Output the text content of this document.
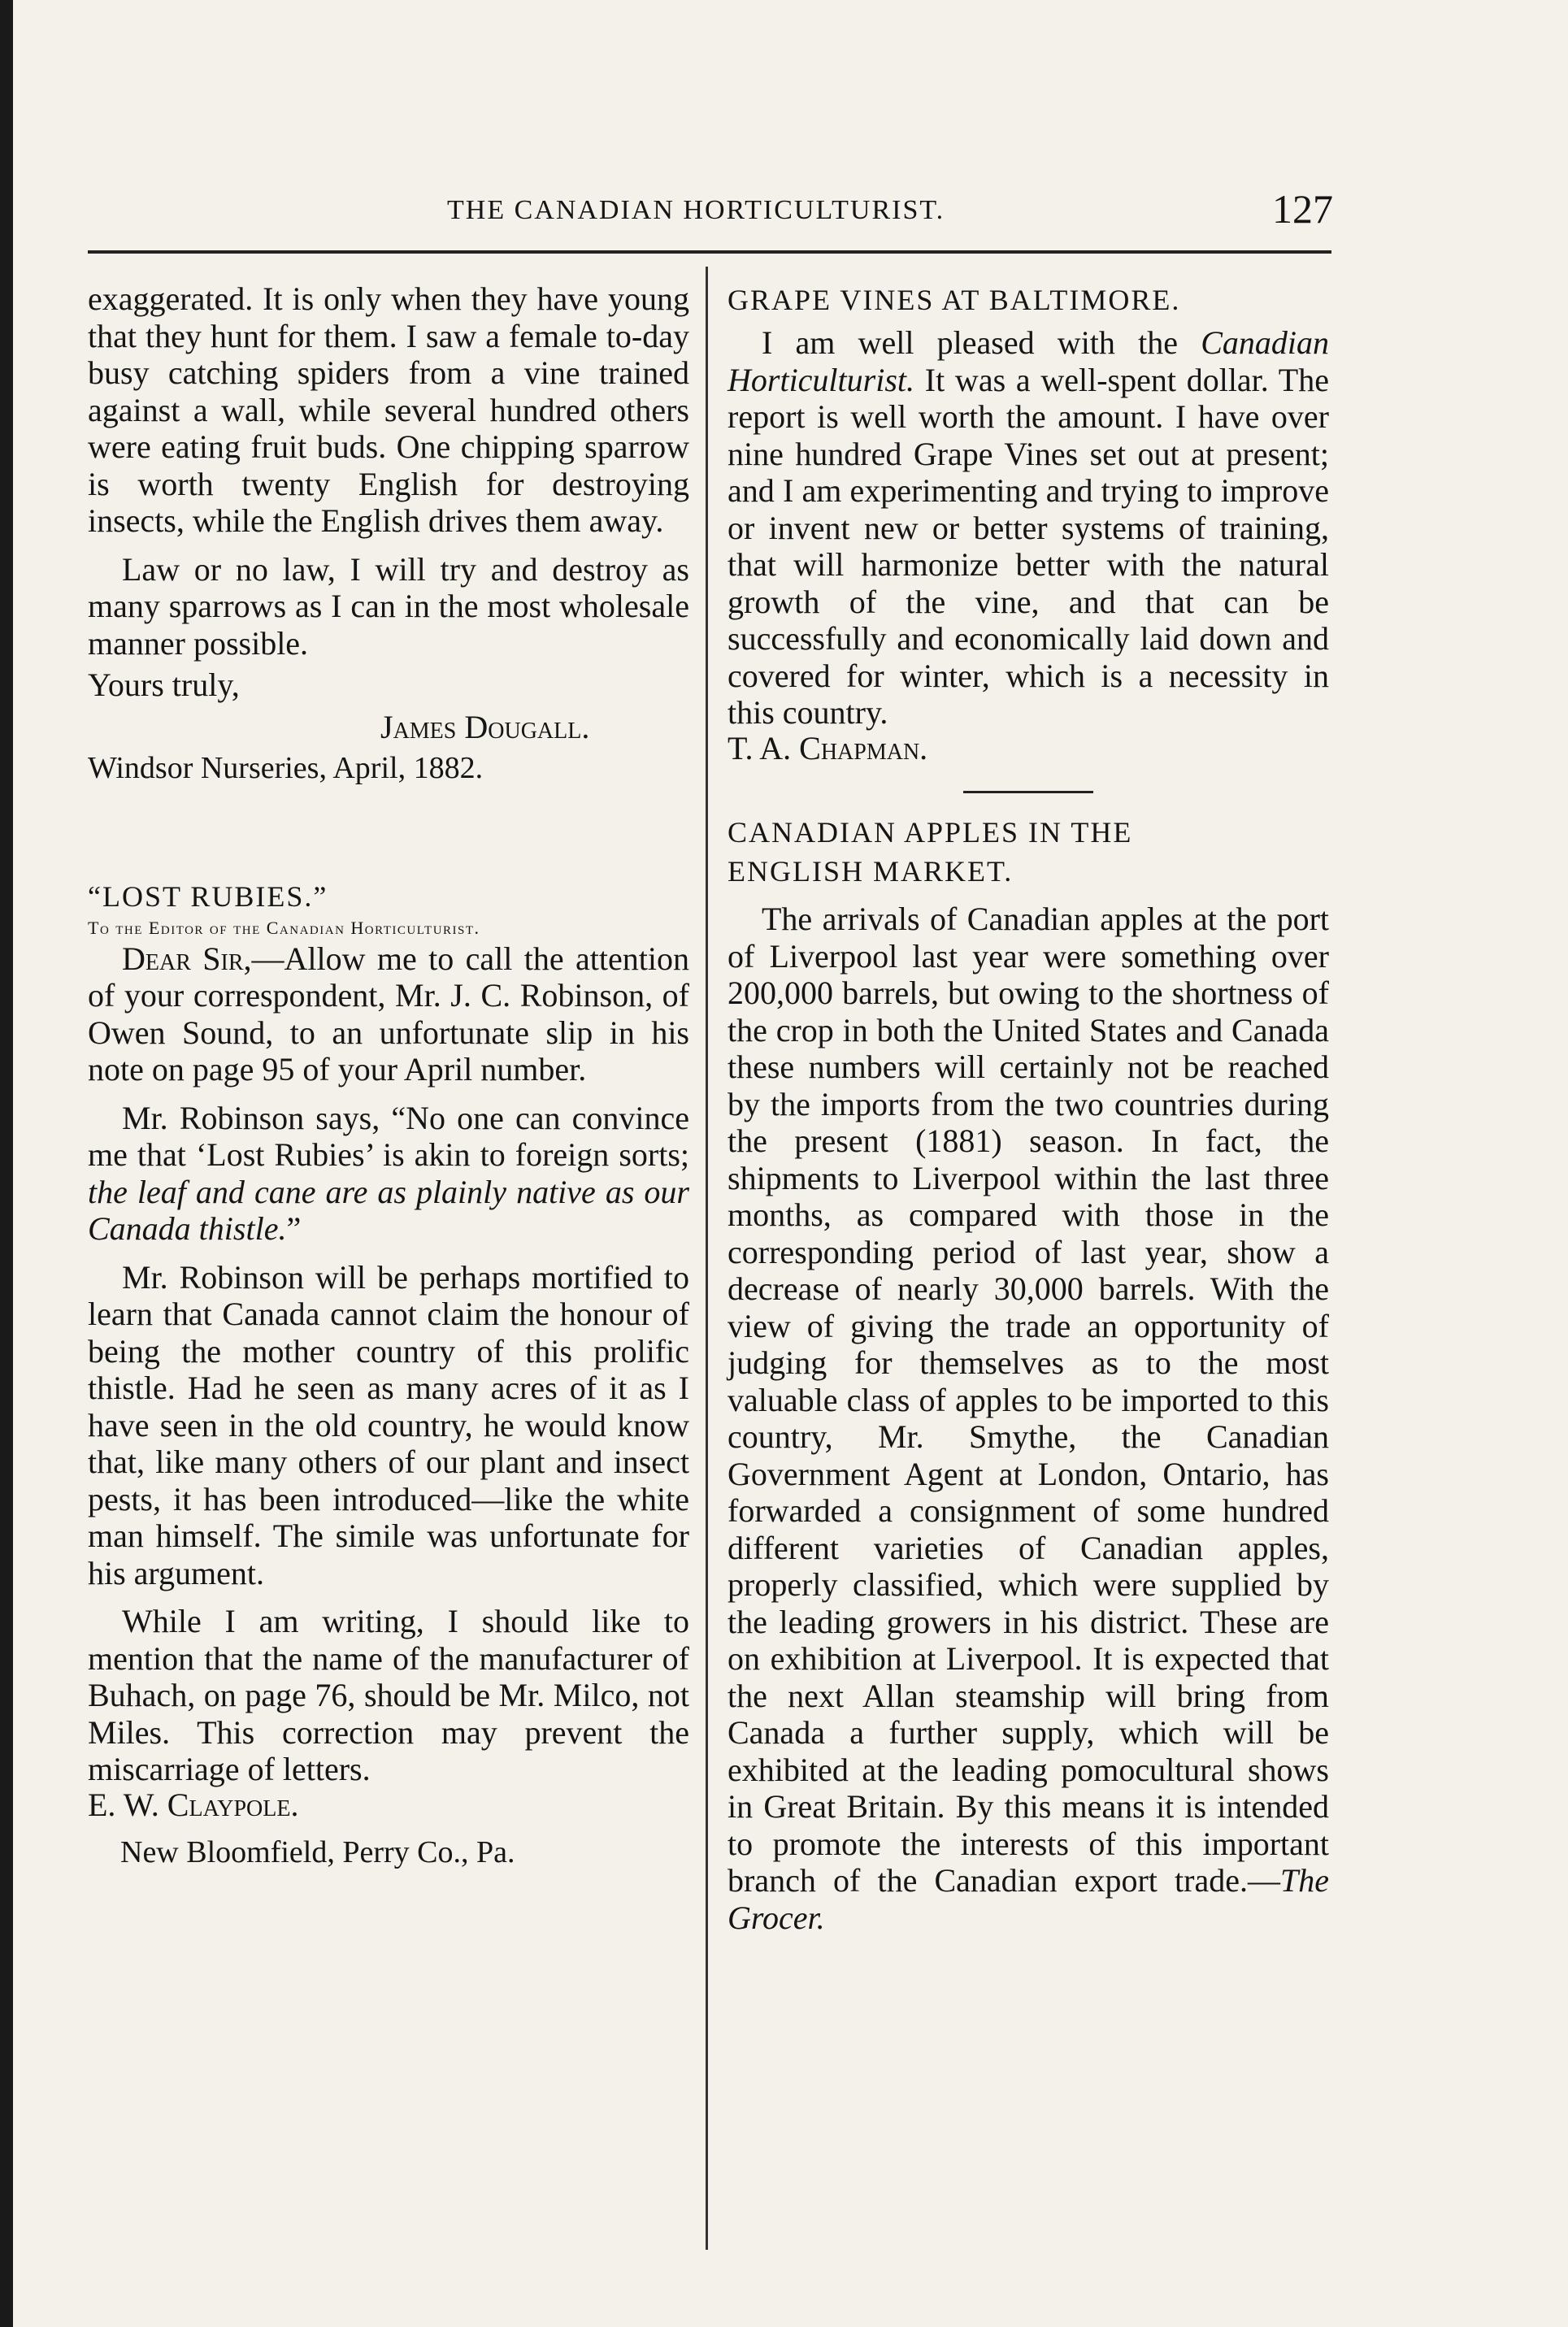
THE CANADIAN HORTICULTURIST.	127

exaggerated. It is only when they have young that they hunt for them. I saw a female to-day busy catching spiders from a vine trained against a wall, while several hundred others were eating fruit buds. One chipping sparrow is worth twenty English for destroying insects, while the English drives them away.

Law or no law, I will try and destroy as many sparrows as I can in the most wholesale manner possible.

Yours truly,

James Dougall.

Windsor Nurseries, April, 1882.

“LOST RUBIES.”

To the Editor of the Canadian Horticulturist.

Dear Sir,—Allow me to call the attention of your correspondent, Mr. J. C. Robinson, of Owen Sound, to an unfortunate slip in his note on page 95 of your April number.

Mr. Robinson says, “No one can convince me that ‘Lost Rubies’ is akin to foreign sorts; the leaf and cane are as plainly native as our Canada thistle.”

Mr. Robinson will be perhaps mortified to learn that Canada cannot claim the honour of being the mother country of this prolific thistle. Had he seen as many acres of it as I have seen in the old country, he would know that, like many others of our plant and insect pests, it has been introduced—like the white man himself. The simile was unfortunate for his argument.

While I am writing, I should like to mention that the name of the manufacturer of Buhach, on page 76, should be Mr. Milco, not Miles. This correction may prevent the miscarriage of letters.

E. W. Claypole.

New Bloomfield, Perry Co., Pa.

GRAPE VINES AT BALTIMORE.

I am well pleased with the Canadian Horticulturist. It was a well-spent dollar. The report is well worth the amount. I have over nine hundred Grape Vines set out at present; and I am experimenting and trying to improve or invent new or better systems of training, that will harmonize better with the natural growth of the vine, and that can be successfully and economically laid down and covered for winter, which is a necessity in this country.

T. A. Chapman.

CANADIAN APPLES IN THE

ENGLISH MARKET.

The arrivals of Canadian apples at the port of Liverpool last year were something over 200,000 barrels, but owing to the shortness of the crop in both the United States and Canada these numbers will certainly not be reached by the imports from the two countries during the present (1881) season. In fact, the shipments to Liverpool within the last three months, as compared with those in the corresponding period of last year, show a decrease of nearly 30,000 barrels. With the view of giving the trade an opportunity of judging for themselves as to the most valuable class of apples to be imported to this country, Mr. Smythe, the Canadian Government Agent at London, Ontario, has forwarded a consignment of some hundred different varieties of Canadian apples, properly classified, which were supplied by the leading growers in his district. These are on exhibition at Liverpool. It is expected that the next Allan steamship will bring from Canada a further supply, which will be exhibited at the leading pomocultural shows in Great Britain. By this means it is intended to promote the interests of this important branch of the Canadian export trade.—The Grocer.
